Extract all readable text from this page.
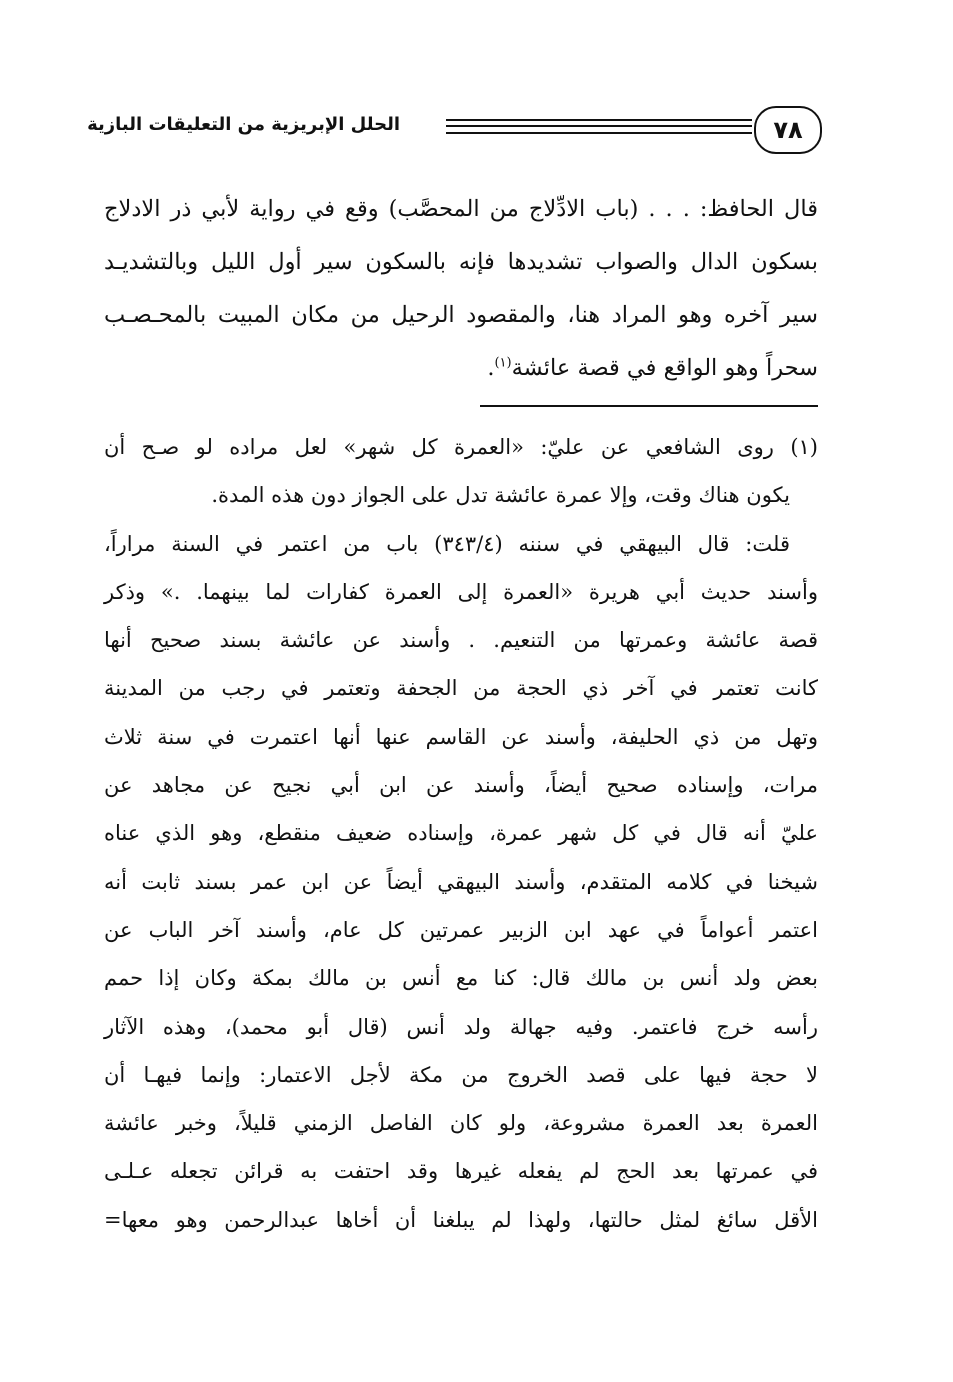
٧٨
الحلل الإبريزية من التعليقات البازية
قال الحافظ: . . . (باب الادِّلاج من المحصَّب) وقع في رواية لأبي ذر الادلاج
بسكون الدال والصواب تشديدها فإنه بالسكون سير أول الليل وبالتشديـد
سير آخره وهو المراد هنا، والمقصود الرحيل من مكان المبيت بالمحـصـب
سحراً وهو الواقع في قصة عائشة$^{(١)}$.
(١) روى الشافعي عن عليّ: «العمرة كل شهر» لعل مراده لو صـح أن
يكون هناك وقت، وإلا عمرة عائشة تدل على الجواز دون هذه المدة.
قلت: قال البيهقي في سننه (٣٤٣/٤) باب من اعتمر في السنة مراراً،
وأسند حديث أبي هريرة «العمرة إلى العمرة كفارات لما بينهما. .» وذكر
قصة عائشة وعمرتها من التنعيم. . وأسند عن عائشة بسند صحيح أنها
كانت تعتمر في آخر ذي الحجة من الجحفة وتعتمر في رجب من المدينة
وتهل من ذي الحليفة، وأسند عن القاسم عنها أنها اعتمرت في سنة ثلاث
مرات، وإسناده صحيح أيضاً، وأسند عن ابن أبي نجيح عن مجاهد عن
عليّ أنه قال في كل شهر عمرة، وإسناده ضعيف منقطع، وهو الذي عناه
شيخنا في كلامه المتقدم، وأسند البيهقي أيضاً عن ابن عمر بسند ثابت أنه
اعتمر أعواماً في عهد ابن الزبير عمرتين كل عام، وأسند آخر الباب عن
بعض ولد أنس بن مالك قال: كنا مع أنس بن مالك بمكة وكان إذا حمم
رأسه خرج فاعتمر. وفيه جهالة ولد أنس (قال أبو محمد)، وهذه الآثار
لا حجة فيها على قصد الخروج من مكة لأجل الاعتمار: وإنما فيهـا أن
العمرة بعد العمرة مشروعة، ولو كان الفاصل الزمني قليلاً، وخبر عائشة
في عمرتها بعد الحج لم يفعله غيرها وقد احتفت به قرائن تجعله عـلـى
الأقل سائغ لمثل حالتها، ولهذا لم يبلغنا أن أخاها عبدالرحمن وهو معها=
